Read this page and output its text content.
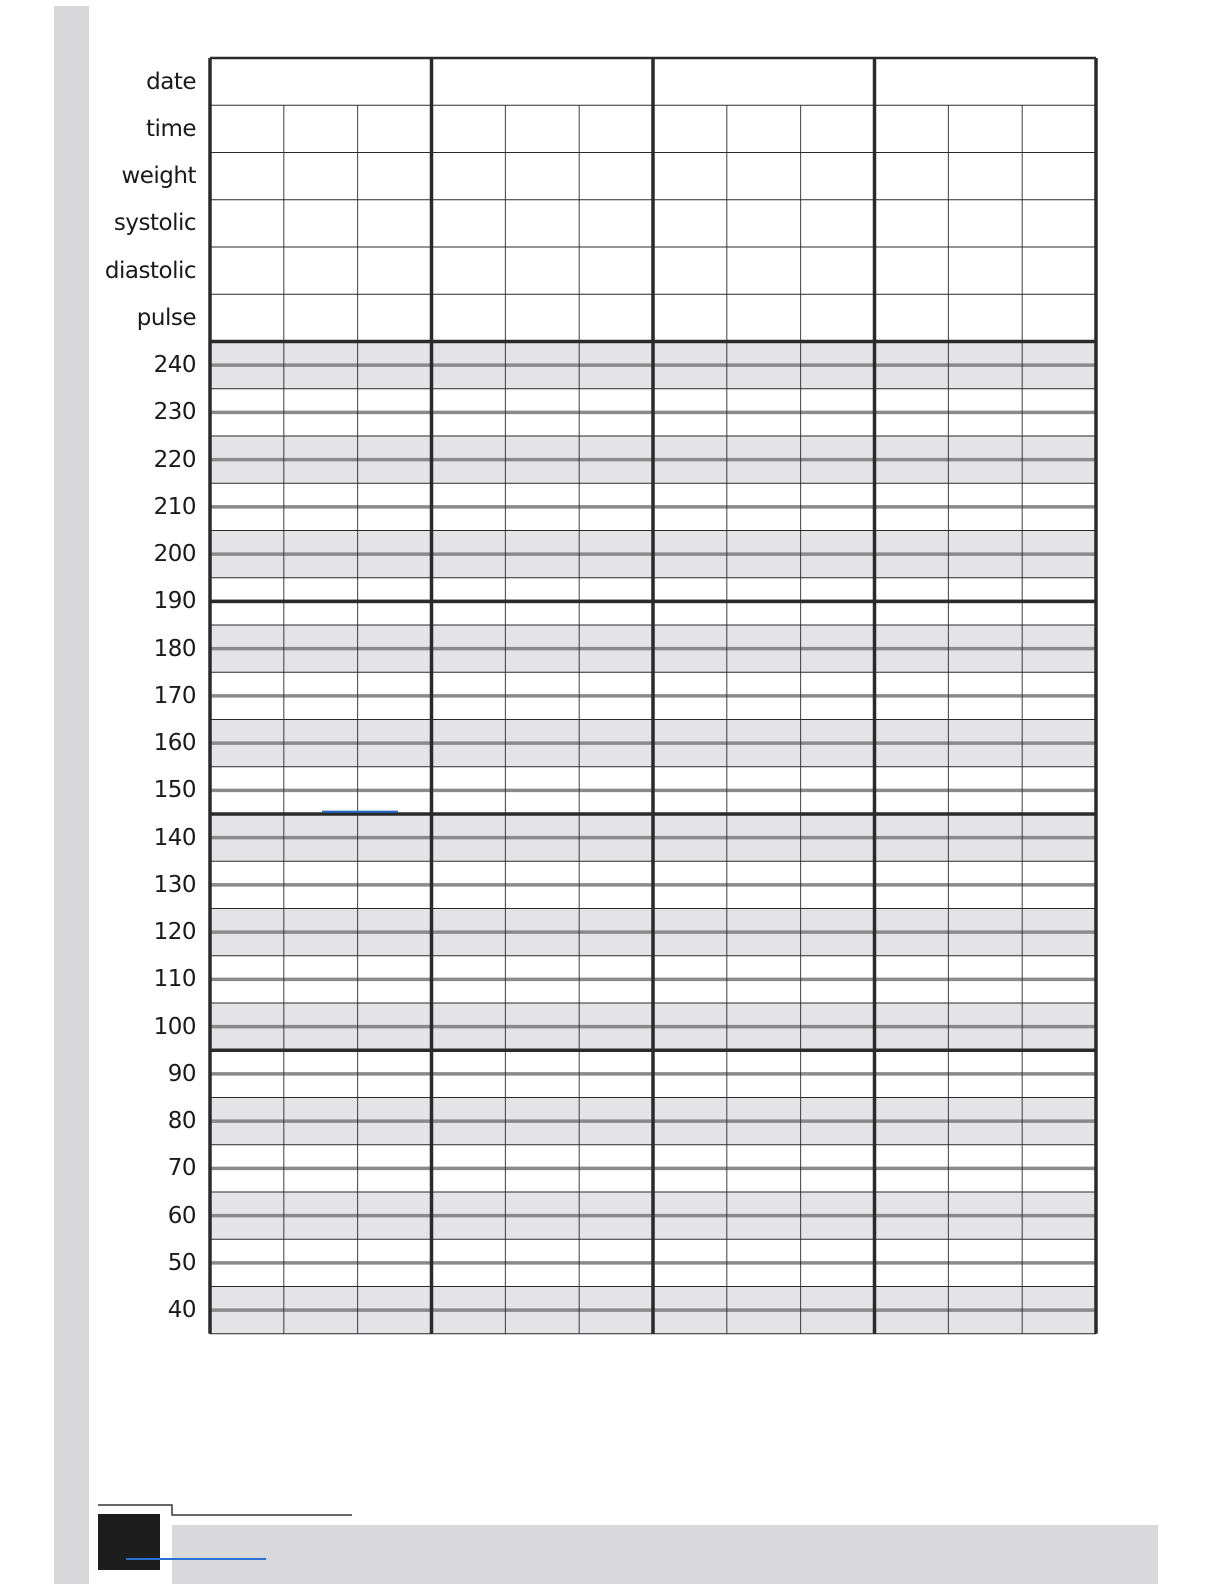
date
time
weight
systolic
diastolic
pulse
240
230
220
210
200
190
180
170
160
150
140
130
120
110
100
90
80
70
60
50
40
